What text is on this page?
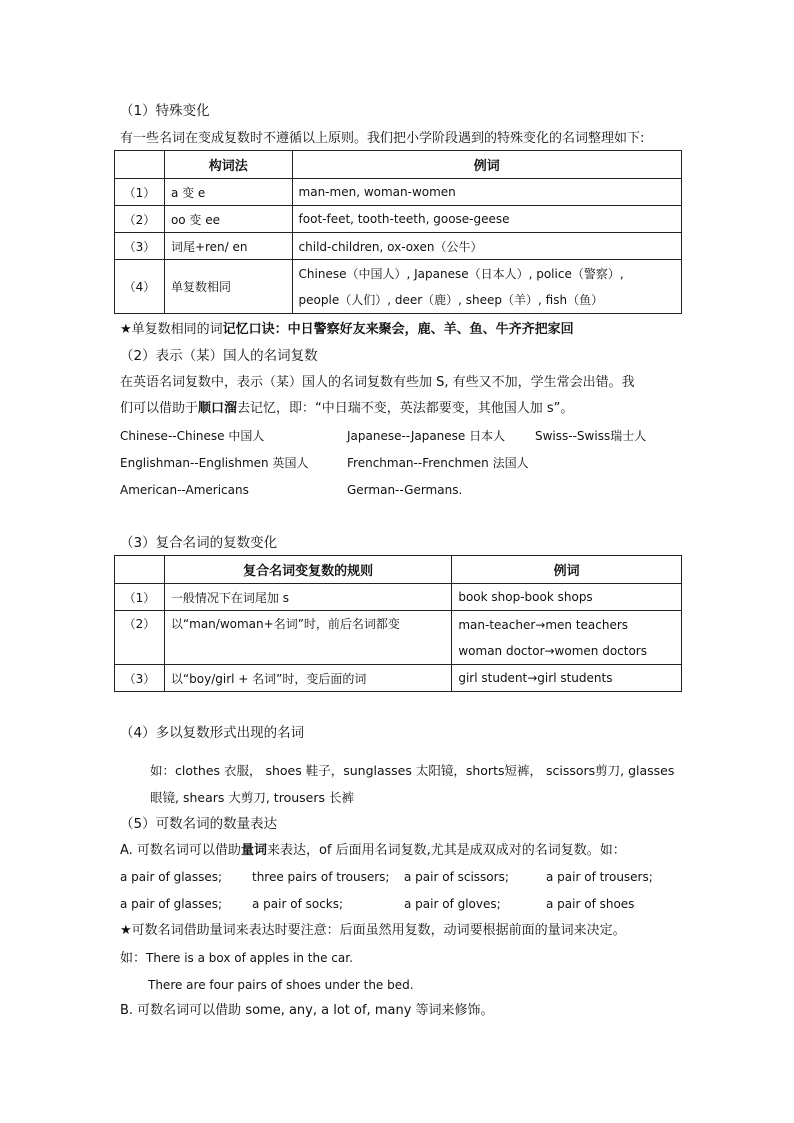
（1）特殊变化
有一些名词在变成复数时不遵循以上原则。我们把小学阶段遇到的特殊变化的名词整理如下:
	构词法	例词
（1）	a 变 e	man-men, woman-women
（2）	oo 变 ee	foot-feet, tooth-teeth, goose-geese
（3）	词尾+ren/ en	child-children, ox-oxen（公牛）
（4）	单复数相同	Chinese（中国人）, Japanese（日本人）, police（警察）,
people（人们）, deer（鹿）, sheep（羊）, fish（鱼）
★单复数相同的词记忆口诀：中日警察好友来聚会，鹿、羊、鱼、牛齐齐把家回
（2）表示（某）国人的名词复数
在英语名词复数中，表示（某）国人的名词复数有些加 S, 有些又不加，学生常会出错。我
们可以借助于顺口溜去记忆，即：“中日瑞不变，英法都要变，其他国人加 s”。
Chinese--Chinese 中国人	Japanese--Japanese 日本人 Swiss--Swiss瑞士人
Englishman--Englishmen 英国人	Frenchman--Frenchmen 法国人
American--Americans	German--Germans.
（3）复合名词的复数变化
	复合名词变复数的规则	例词
（1）	一般情况下在词尾加 s	book shop-book shops
（2）	以“man/woman+名词”时，前后名词都变	man-teacher→men teachers
woman doctor→women doctors

（3）	以“boy/girl + 名词”时，变后面的词	girl student→girl students
（4）多以复数形式出现的名词
如：clothes 衣服， shoes 鞋子，sunglasses 太阳镜，shorts短裤， scissors剪刀, glasses
眼镜, shears 大剪刀, trousers 长裤
（5）可数名词的数量表达
A. 可数名词可以借助量词来表达，of 后面用名词复数,尤其是成双成对的名词复数。如：
a pair of glasses; three pairs of trousers; a pair of scissors;	a pair of trousers;
a pair of glasses; a pair of socks;	a pair of gloves;	a pair of shoes
★可数名词借助量词来表达时要注意：后面虽然用复数，动词要根据前面的量词来决定。
如：There is a box of apples in the car.
There are four pairs of shoes under the bed.
B. 可数名词可以借助 some, any, a lot of, many 等词来修饰。
